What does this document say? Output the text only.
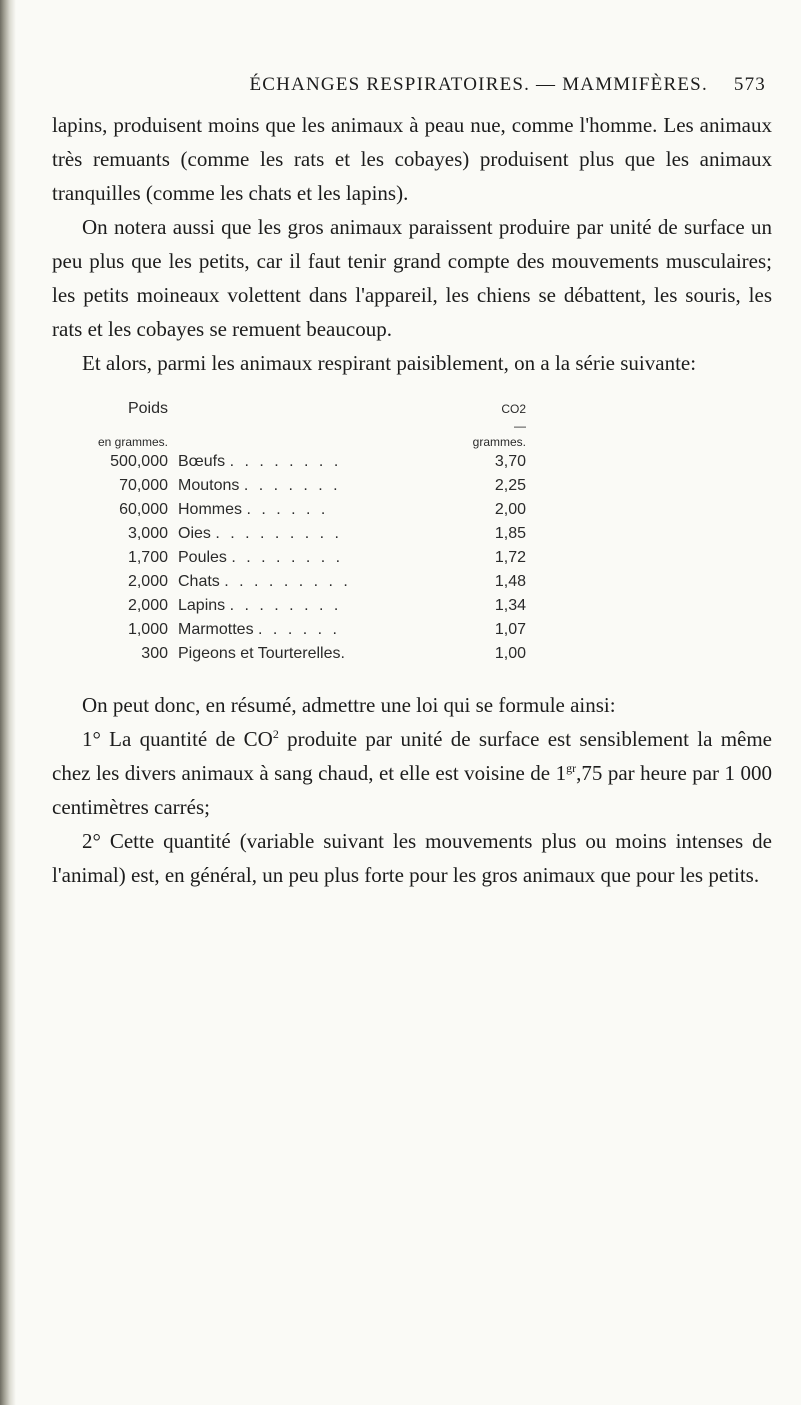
ÉCHANGES RESPIRATOIRES. — MAMMIFÈRES. 573

lapins, produisent moins que les animaux à peau nue, comme l'homme. Les animaux très remuants (comme les rats et les cobayes) produisent plus que les animaux tranquilles (comme les chats et les lapins).

On notera aussi que les gros animaux paraissent produire par unité de surface un peu plus que les petits, car il faut tenir grand compte des mouvements musculaires; les petits moineaux volettent dans l'appareil, les chiens se débattent, les souris, les rats et les cobayes se remuent beaucoup.

Et alors, parmi les animaux respirant paisiblement, on a la série suivante:

Poids		CO2
		—
en grammes.		grammes.
500,000	Bœufs . . . . . . . .	3,70
70,000	Moutons . . . . . . .	2,25
60,000	Hommes . . . . . .	2,00
3,000	Oies . . . . . . . . .	1,85
1,700	Poules . . . . . . . .	1,72
2,000	Chats . . . . . . . . .	1,48
2,000	Lapins . . . . . . . .	1,34
1,000	Marmottes . . . . . .	1,07
300	Pigeons et Tourterelles.	1,00

On peut donc, en résumé, admettre une loi qui se formule ainsi:

1° La quantité de $CO^2$ produite par unité de surface est sensiblement la même chez les divers animaux à sang chaud, et elle est voisine de $1^{gr},75$ par heure par 1 000 centimètres carrés;

2° Cette quantité (variable suivant les mouvements plus ou moins intenses de l'animal) est, en général, un peu plus forte pour les gros animaux que pour les petits.
